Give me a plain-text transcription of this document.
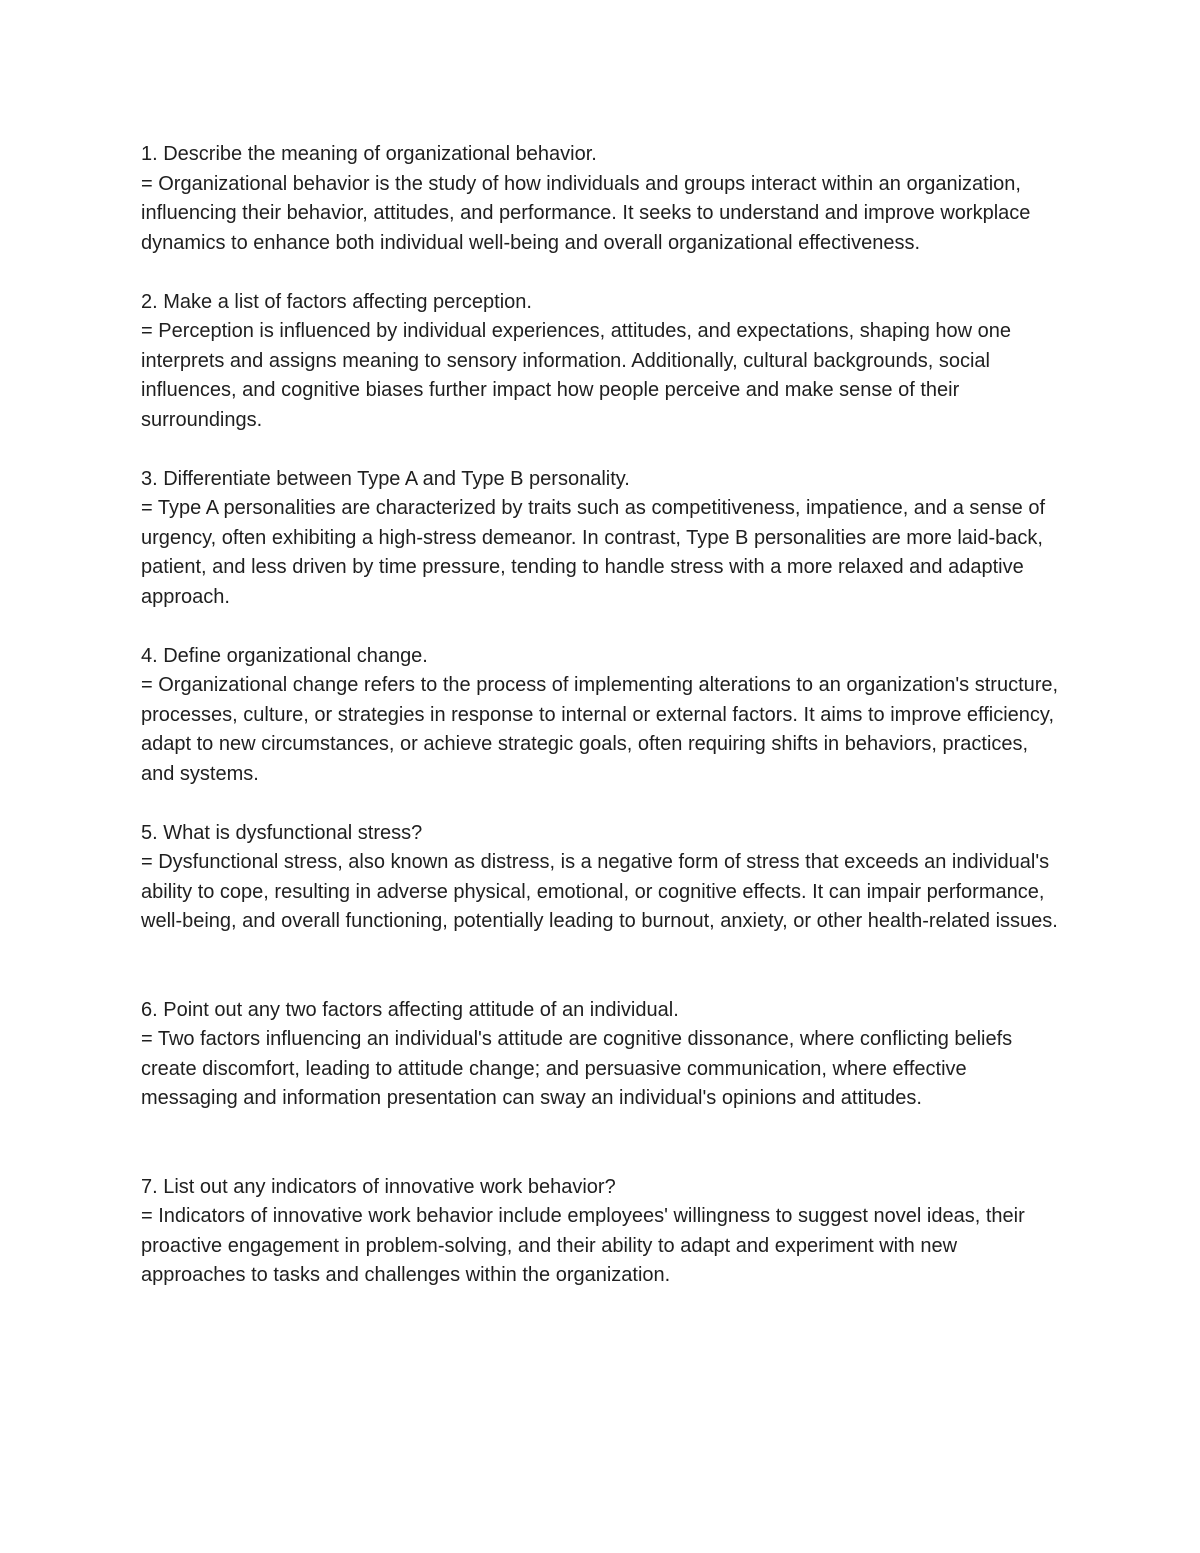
1. Describe the meaning of organizational behavior.

= Organizational behavior is the study of how individuals and groups interact within an organization, influencing their behavior, attitudes, and performance. It seeks to understand and improve workplace dynamics to enhance both individual well-being and overall organizational effectiveness.

2. Make a list of factors affecting perception.

= Perception is influenced by individual experiences, attitudes, and expectations, shaping how one interprets and assigns meaning to sensory information. Additionally, cultural backgrounds, social influences, and cognitive biases further impact how people perceive and make sense of their surroundings.

3. Differentiate between Type A and Type B personality.

= Type A personalities are characterized by traits such as competitiveness, impatience, and a sense of urgency, often exhibiting a high-stress demeanor. In contrast, Type B personalities are more laid-back, patient, and less driven by time pressure, tending to handle stress with a more relaxed and adaptive approach.

4. Define organizational change.

= Organizational change refers to the process of implementing alterations to an organization's structure, processes, culture, or strategies in response to internal or external factors. It aims to improve efficiency, adapt to new circumstances, or achieve strategic goals, often requiring shifts in behaviors, practices, and systems.

5. What is dysfunctional stress?

= Dysfunctional stress, also known as distress, is a negative form of stress that exceeds an individual's ability to cope, resulting in adverse physical, emotional, or cognitive effects. It can impair performance, well-being, and overall functioning, potentially leading to burnout, anxiety, or other health-related issues.

6. Point out any two factors affecting attitude of an individual.

= Two factors influencing an individual's attitude are cognitive dissonance, where conflicting beliefs create discomfort, leading to attitude change; and persuasive communication, where effective messaging and information presentation can sway an individual's opinions and attitudes.

7. List out any indicators of innovative work behavior?

= Indicators of innovative work behavior include employees' willingness to suggest novel ideas, their proactive engagement in problem-solving, and their ability to adapt and experiment with new approaches to tasks and challenges within the organization.
